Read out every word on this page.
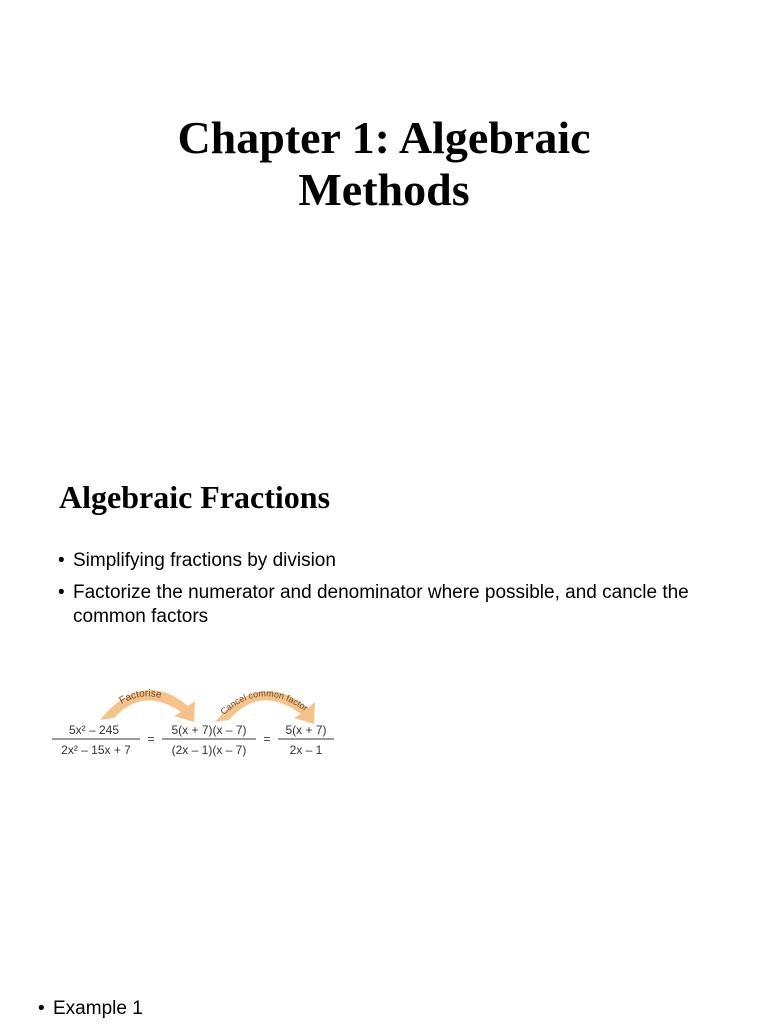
Chapter 1: Algebraic
Methods
Algebraic Fractions
• Simplifying fractions by division
• Factorize the numerator and denominator where possible, and cancle the common factors
Factorise
Cancel common factor
5x² – 245
2x² – 15x + 7
=
5(x + 7)(x – 7)
(2x – 1)(x – 7)
=
5(x + 7)
2x – 1
• Example 1
